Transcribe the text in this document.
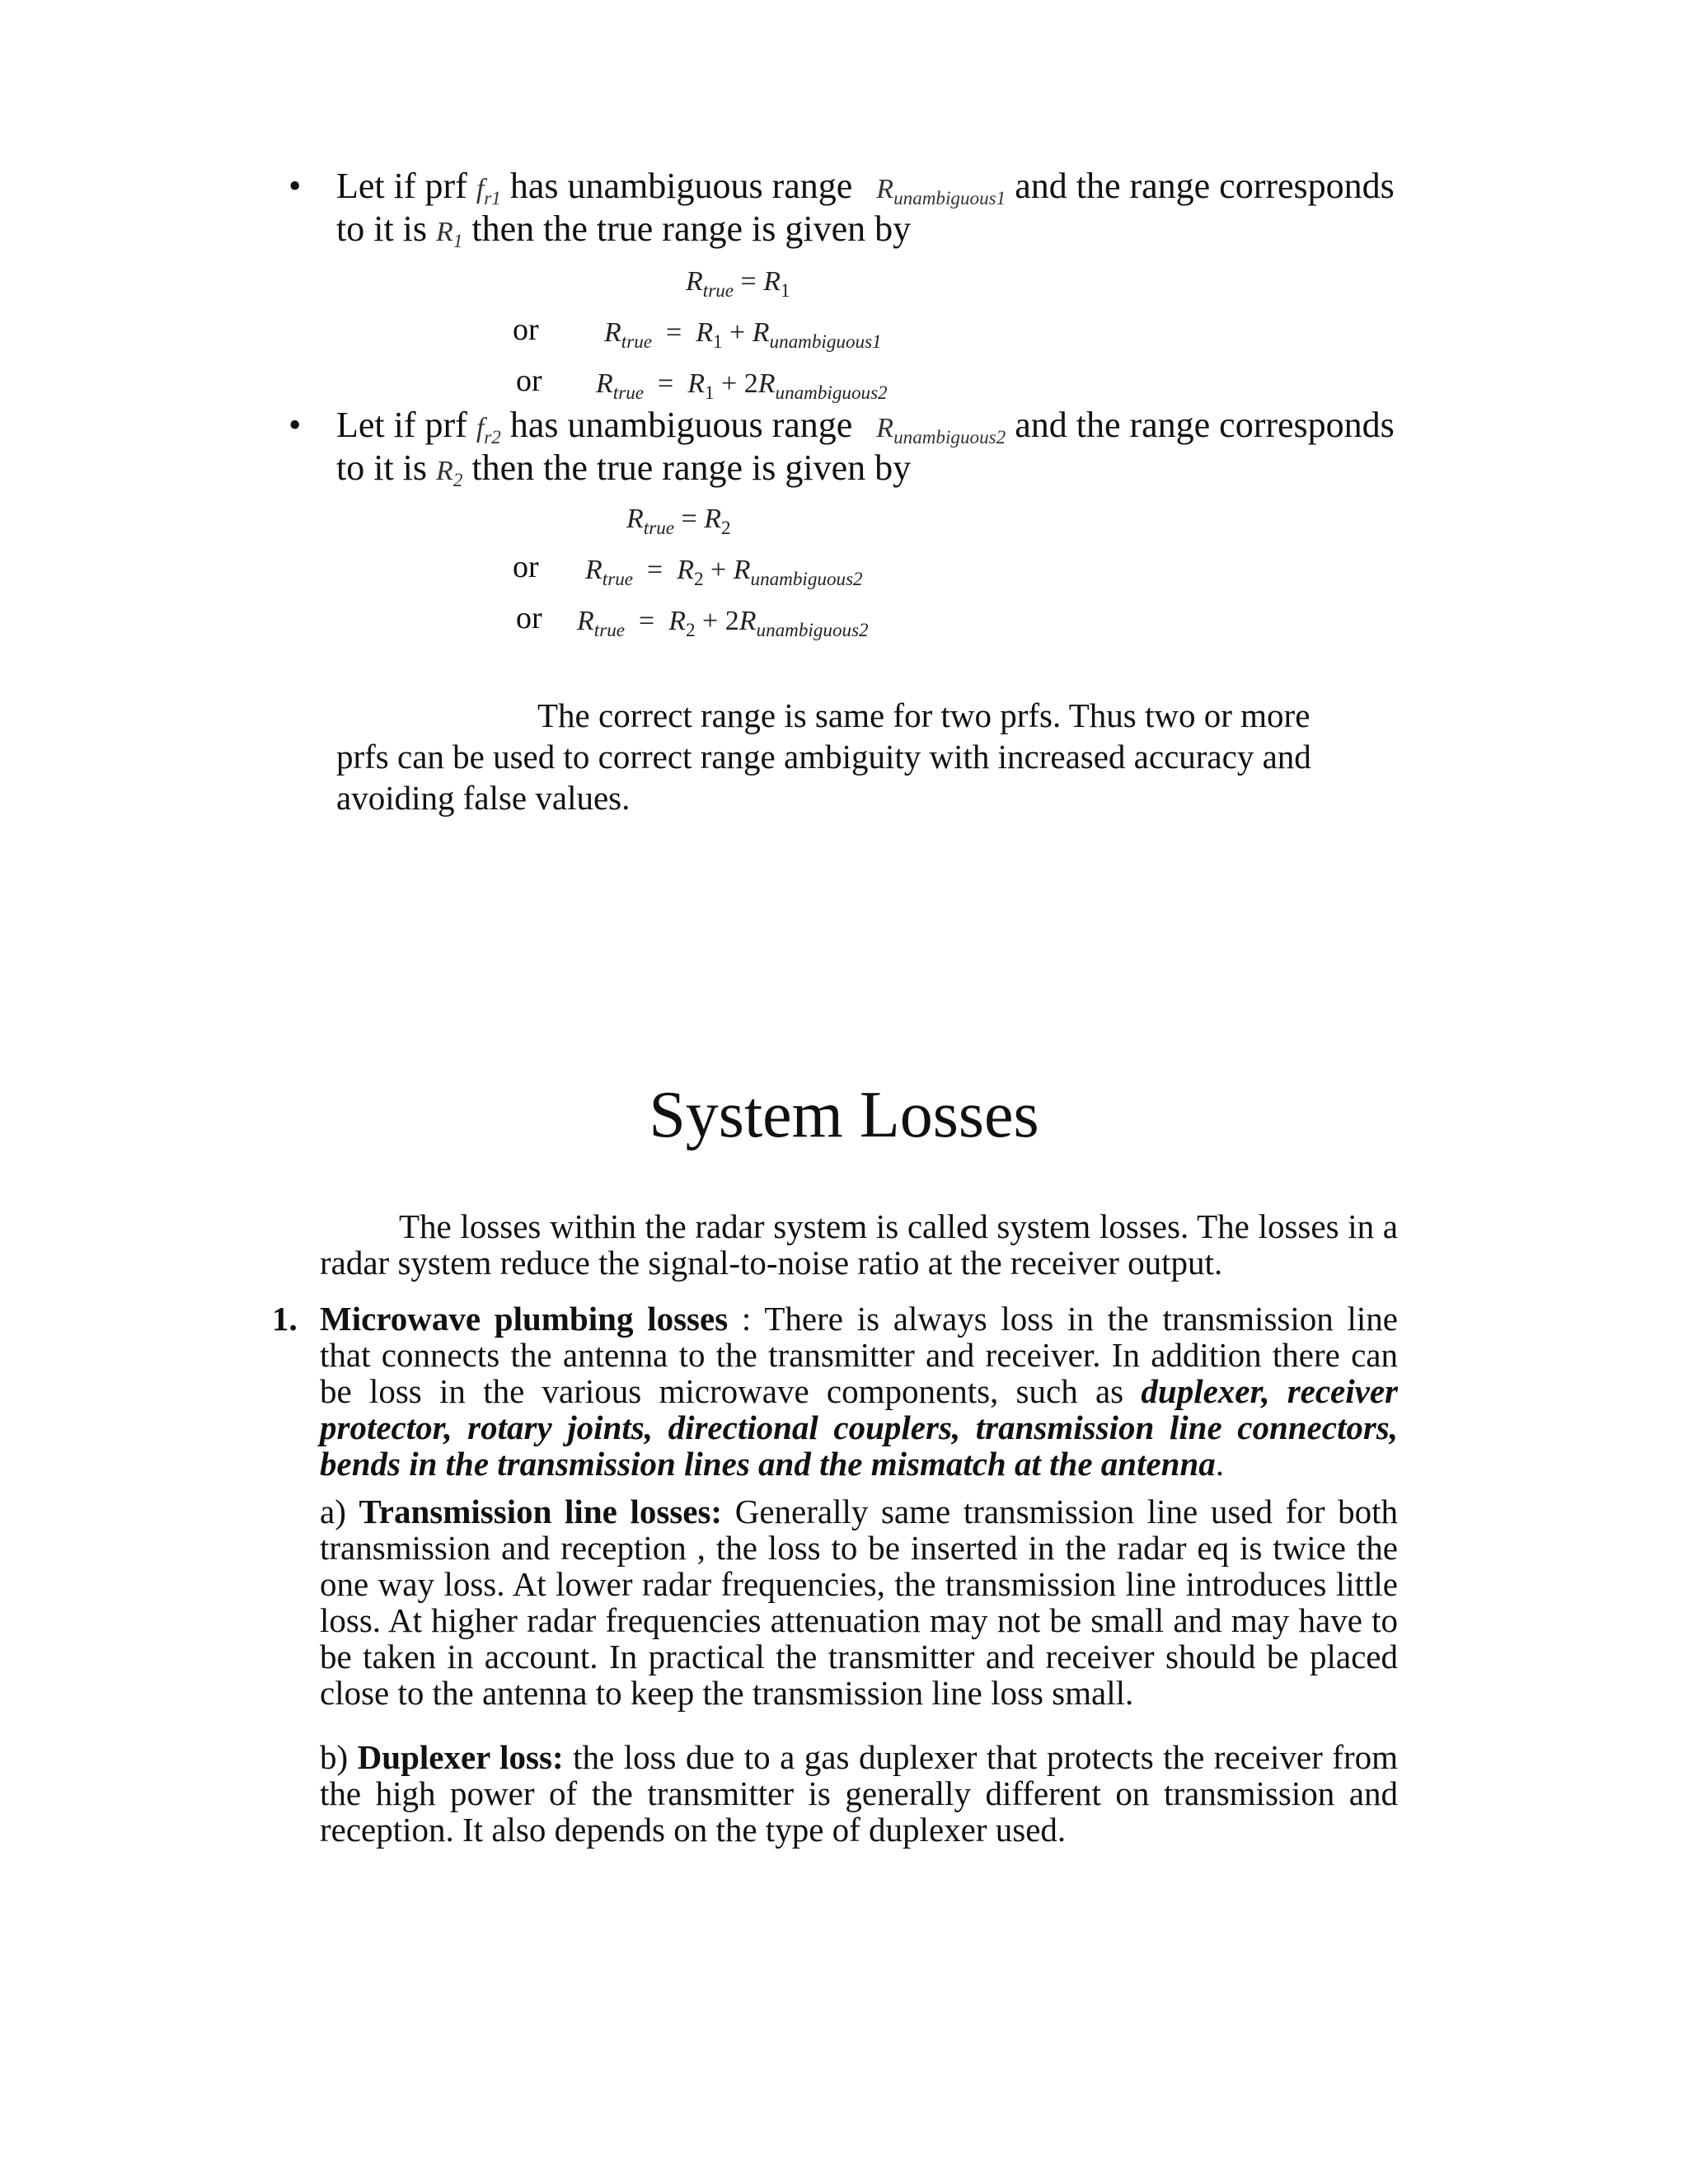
• Let if prf $f_{r1}$ has unambiguous range $R_{unambiguous1}$ and the range corresponds
to it is $R_1$ then the true range is given by
$R_{true} = R_1$
or $R_{true} = R_1 + R_{unambiguous1}$
or $R_{true} = R_1 + 2R_{unambiguous2}$
• Let if prf $f_{r2}$ has unambiguous range $R_{unambiguous2}$ and the range corresponds
to it is $R_2$ then the true range is given by
$R_{true} = R_2$
or $R_{true} = R_2 + R_{unambiguous2}$
or $R_{true} = R_2 + 2R_{unambiguous2}$
The correct range is same for two prfs. Thus two or more
prfs can be used to correct range ambiguity with increased accuracy and
avoiding false values.
System Losses
The losses within the radar system is called system losses. The losses in a radar system reduce the signal-to-noise ratio at the receiver output.
1. Microwave plumbing losses : There is always loss in the transmission line that connects the antenna to the transmitter and receiver. In addition there can be loss in the various microwave components, such as duplexer, receiver protector, rotary joints, directional couplers, transmission line connectors, bends in the transmission lines and the mismatch at the antenna.
a) Transmission line losses: Generally same transmission line used for both transmission and reception , the loss to be inserted in the radar eq is twice the one way loss. At lower radar frequencies, the transmission line introduces little loss. At higher radar frequencies attenuation may not be small and may have to be taken in account. In practical the transmitter and receiver should be placed close to the antenna to keep the transmission line loss small.
b) Duplexer loss: the loss due to a gas duplexer that protects the receiver from the high power of the transmitter is generally different on transmission and reception. It also depends on the type of duplexer used.
